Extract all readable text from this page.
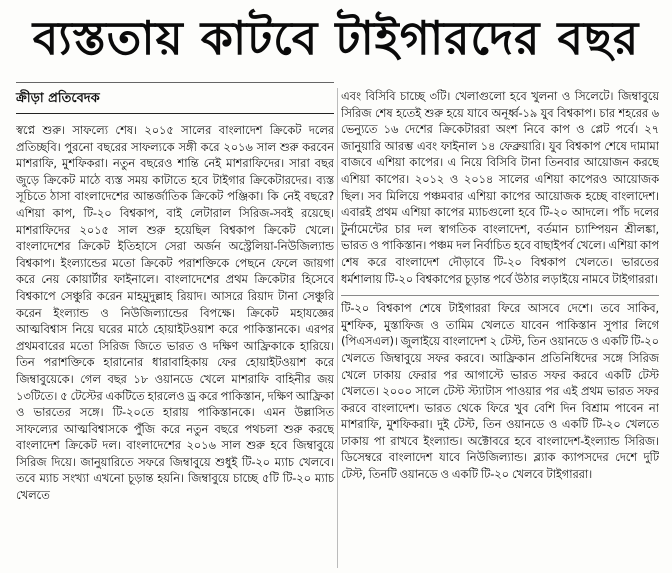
ব্যস্ততায় কাটবে টাইগারদের বছর
ক্রীড়া প্রতিবেদক

স্বপ্নে শুরু। সাফল্যে শেষ। ২০১৫ সালের বাংলাদেশ ক্রিকেট দলের প্রতিচ্ছবি। পুরনো বছরের সাফল্যকে সঙ্গী করে ২০১৬ সাল শুরু করবেন মাশরাফি, মুশফিকরা। নতুন বছরেও শান্তি নেই মাশরাফিদের। সারা বছর জুড়ে ক্রিকেট মাঠে ব্যস্ত সময় কাটাতে হবে টাইগার ক্রিকেটারদের। ব্যস্ত সূচিতে ঠাসা বাংলাদেশের আন্তর্জাতিক ক্রিকেট পঞ্জিকা। কি নেই বছরে? এশিয়া কাপ, টি-২০ বিশ্বকাপ, বাই লেটারাল সিরিজ-সবই রয়েছে। মাশরাফিদের ২০১৫ সাল শুরু হয়েছিল বিশ্বকাপ ক্রিকেট খেলে। বাংলাদেশের ক্রিকেট ইতিহাসে সেরা অর্জন অস্ট্রেলিয়া-নিউজিল্যান্ড বিশ্বকাপ। ইংল্যান্ডের মতো ক্রিকেট পরাশক্তিকে পেছনে ফেলে জায়গা করে নেয় কোয়ার্টার ফাইনালে। বাংলাদেশের প্রথম ক্রিকেটার হিসেবে বিশ্বকাপে সেঞ্চুরি করেন মাহমুদুল্লাহ রিয়াদ। আসরে রিয়াদ টানা সেঞ্চুরি করেন ইংল্যান্ড ও নিউজিল্যান্ডের বিপক্ষে। ক্রিকেট মহাযজ্ঞের আত্মবিশ্বাস নিয়ে ঘরের মাঠে হোয়াইটওয়াশ করে পাকিস্তানকে। এরপর প্রথমবারের মতো সিরিজ জিতে ভারত ও দক্ষিণ আফ্রিকাকে হারিয়ে। তিন পরাশক্তিকে হারানোর ধারাবাহিকায় ফের হোয়াইটওয়াশ করে জিম্বাবুয়েকে। গেল বছর ১৮ ওয়ানডে খেলে মাশরাফি বাহিনীর জয় ১৩টিতে। ৫ টেস্টের একটিতে হারলেও ড্র করে পাকিস্তান, দক্ষিণ আফ্রিকা ও ভারতের সঙ্গে। টি-২০তে হারায় পাকিস্তানকে। এমন উল্লাসিত সাফল্যের আত্মবিশ্বাসকে পুঁজি করে নতুন বছরে পথচলা শুরু করছে বাংলাদেশ ক্রিকেট দল। বাংলাদেশের ২০১৬ সাল শুরু হবে জিম্বাবুয়ে সিরিজ দিয়ে। জানুয়ারিতে সফরে জিম্বাবুয়ে শুধুই টি-২০ ম্যাচ খেলবে। তবে ম্যাচ সংখ্যা এখনো চূড়ান্ত হয়নি। জিম্বাবুয়ে চাচ্ছে ৫টি টি-২০ ম্যাচ খেলতে

এবং বিসিবি চাচ্ছে ৩টি। খেলাগুলো হবে খুলনা ও সিলেটে। জিম্বাবুয়ে সিরিজ শেষ হতেই শুরু হয়ে যাবে অনূর্ধ্ব-১৯ যুব বিশ্বকাপ। চার শহরের ৬ ভেন্যুতে ১৬ দেশের ক্রিকেটাররা অংশ নিবে কাপ ও প্লেট পর্বে। ২৭ জানুয়ারি আরম্ভ এবং ফাইনাল ১৪ ফেব্রুয়ারি। যুব বিশ্বকাপ শেষে দামামা বাজবে এশিয়া কাপের। এ নিয়ে বিসিবি টানা তিনবার আয়োজন করছে এশিয়া কাপের। ২০১২ ও ২০১৪ সালের এশিয়া কাপেরও আয়োজক ছিল। সব মিলিয়ে পঞ্চমবার এশিয়া কাপের আয়োজক হচ্ছে বাংলাদেশ। এবারই প্রথম এশিয়া কাপের ম্যাচগুলো হবে টি-২০ আদলে। পাঁচ দলের টুর্নামেন্টের চার দল স্বাগতিক বাংলাদেশ, বর্তমান চ্যাম্পিয়ন শ্রীলঙ্কা, ভারত ও পাকিস্তান। পঞ্চম দল নির্বাচিত হবে বাছাইপর্ব খেলে। এশিয়া কাপ শেষ করে বাংলাদেশ দৌড়াবে টি-২০ বিশ্বকাপ খেলতে। ভারতের ধর্মশালায় টি-২০ বিশ্বকাপের চূড়ান্ত পর্বে উঠার লড়াইয়ে নামবে টাইগাররা।

টি-২০ বিশ্বকাপ শেষে টাইগাররা ফিরে আসবে দেশে। তবে সাকিব, মুশফিক, মুস্তাফিজ ও তামিম খেলতে যাবেন পাকিস্তান সুপার লিগে (পিএসএল)। জুলাইয়ে বাংলাদেশ ২ টেস্ট, তিন ওয়ানডে ও একটি টি-২০ খেলতে জিম্বাবুয়ে সফর করবে। আফ্রিকান প্রতিনিধিদের সঙ্গে সিরিজ খেলে ঢাকায় ফেরার পর আগাস্টে ভারত সফর করবে একটি টেস্ট খেলতে। ২০০০ সালে টেস্ট স্ট্যাটাস পাওয়ার পর এই প্রথম ভারত সফর করবে বাংলাদেশ। ভারত থেকে ফিরে খুব বেশি দিন বিশ্রাম পাবেন না মাশরাফি, মুশফিকরা। দুই টেস্ট, তিন ওয়ানডে ও একটি টি-২০ খেলতে ঢাকায় পা রাখবে ইংল্যান্ড। অক্টোবরে হবে বাংলাদেশ-ইংল্যান্ড সিরিজ। ডিসেম্বরে বাংলাদেশ যাবে নিউজিল্যান্ড। ব্ল্যাক ক্যাপসদের দেশে দুটি টেস্ট, তিনটি ওয়ানডে ও একটি টি-২০ খেলবে টাইগাররা।
